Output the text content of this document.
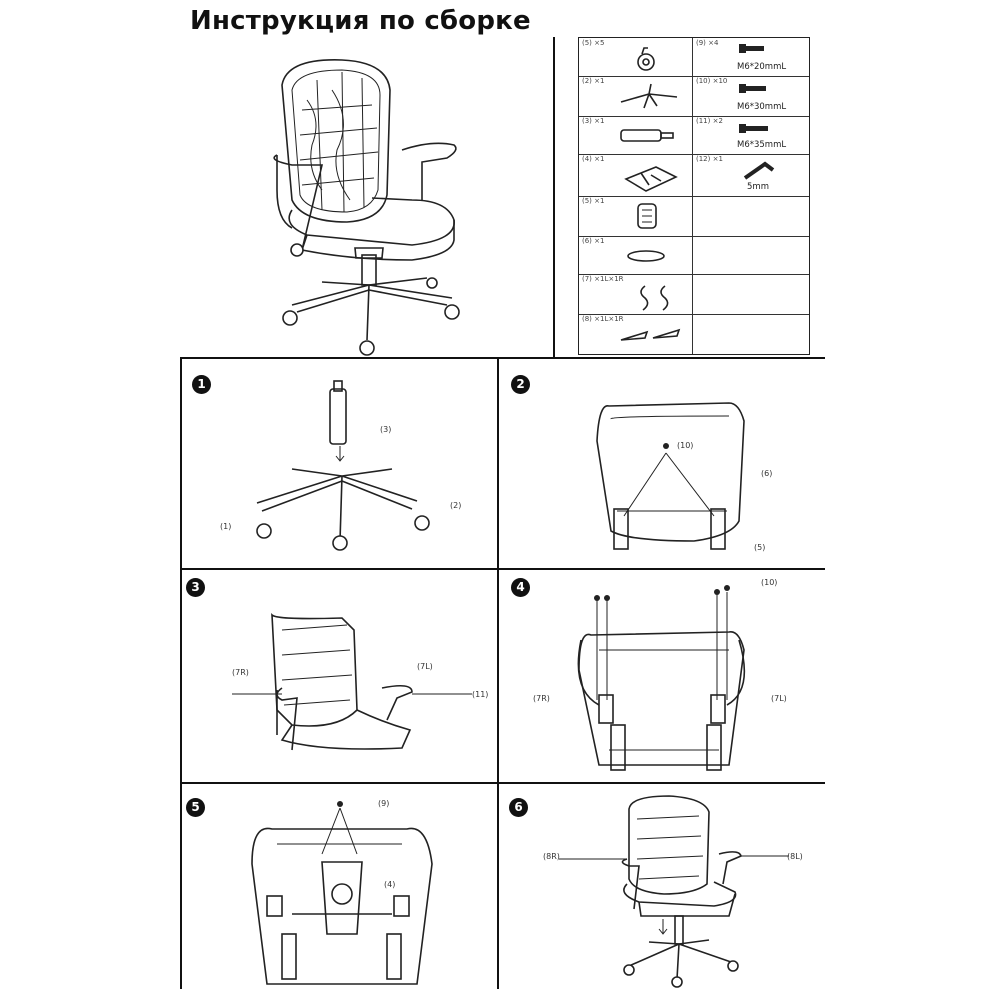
Инструкция по сборке
(5) ×5	(9) ×4
M6*20mmL
(2) ×1	(10) ×10
M6*30mmL
(3) ×1	(11) ×2
M6*35mmL
(4) ×1	(12) ×1
5mm
(5) ×1
(6) ×1
(7) ×1L×1R
(8) ×1L×1R
1
(3)
(2)
(1)
2
(10)
(6)
(5)
3
(7R)
(7L)
(11)
4	(10)
(7R)	(7L)
5	(9)
(4)
6
(8R)	(8L)
